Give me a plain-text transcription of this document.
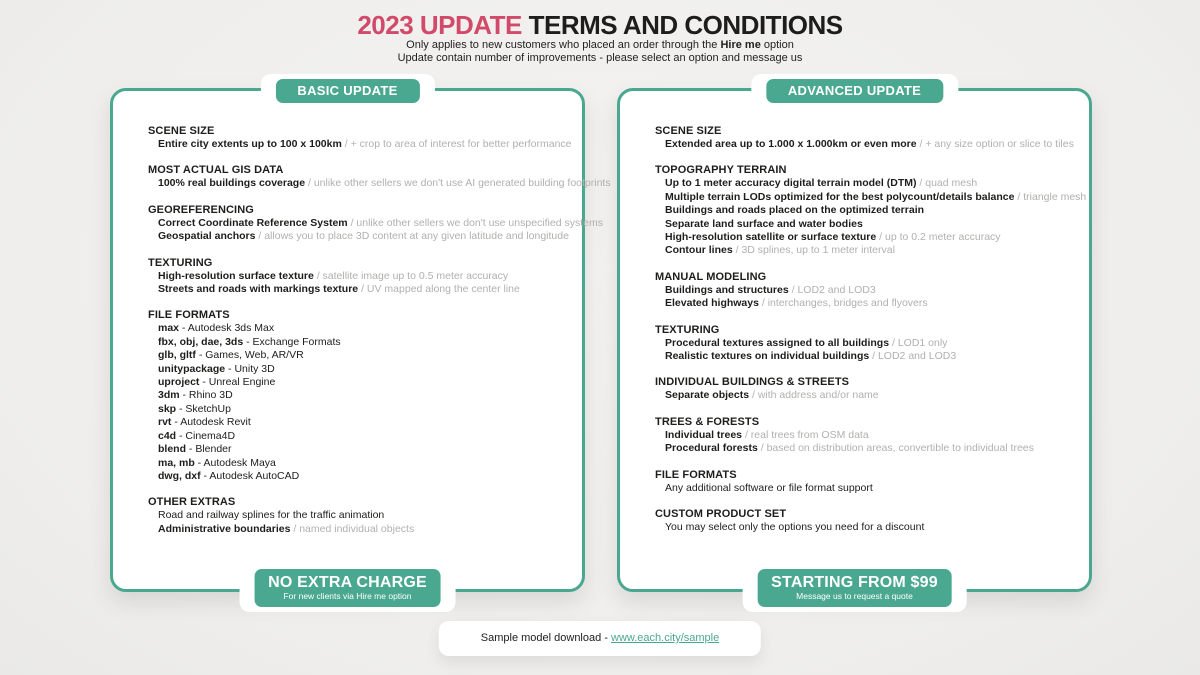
2023 UPDATE TERMS AND CONDITIONS

Only applies to new customers who placed an order through the Hire me option

Update contain number of improvements - please select an option and message us

BASIC UPDATE
SCENE SIZE
Entire city extents up to 100 x 100km / + crop to area of interest for better performance
MOST ACTUAL GIS DATA
100% real buildings coverage / unlike other sellers we don't use AI generated building footprints
GEOREFERENCING
Correct Coordinate Reference System / unlike other sellers we don't use unspecified systems
Geospatial anchors / allows you to place 3D content at any given latitude and longitude
TEXTURING
High-resolution surface texture / satellite image up to 0.5 meter accuracy
Streets and roads with markings texture / UV mapped along the center line
FILE FORMATS
max - Autodesk 3ds Max
fbx, obj, dae, 3ds - Exchange Formats
glb, gltf - Games, Web, AR/VR
unitypackage - Unity 3D
uproject - Unreal Engine
3dm - Rhino 3D
skp - SketchUp
rvt - Autodesk Revit
c4d - Cinema4D
blend - Blender
ma, mb - Autodesk Maya
dwg, dxf - Autodesk AutoCAD
OTHER EXTRAS
Road and railway splines for the traffic animation
Administrative boundaries / named individual objects
NO EXTRA CHARGE
For new clients via Hire me option
ADVANCED UPDATE
SCENE SIZE
Extended area up to 1.000 x 1.000km or even more / + any size option or slice to tiles
TOPOGRAPHY TERRAIN
Up to 1 meter accuracy digital terrain model (DTM) / quad mesh
Multiple terrain LODs optimized for the best polycount/details balance / triangle mesh
Buildings and roads placed on the optimized terrain
Separate land surface and water bodies
High-resolution satellite or surface texture / up to 0.2 meter accuracy
Contour lines / 3D splines, up to 1 meter interval
MANUAL MODELING
Buildings and structures / LOD2 and LOD3
Elevated highways / interchanges, bridges and flyovers
TEXTURING
Procedural textures assigned to all buildings / LOD1 only
Realistic textures on individual buildings / LOD2 and LOD3
INDIVIDUAL BUILDINGS & STREETS
Separate objects / with address and/or name
TREES & FORESTS
Individual trees / real trees from OSM data
Procedural forests / based on distribution areas, convertible to individual trees
FILE FORMATS
Any additional software or file format support
CUSTOM PRODUCT SET
You may select only the options you need for a discount
STARTING FROM $99
Message us to request a quote
Sample model download - www.each.city/sample
